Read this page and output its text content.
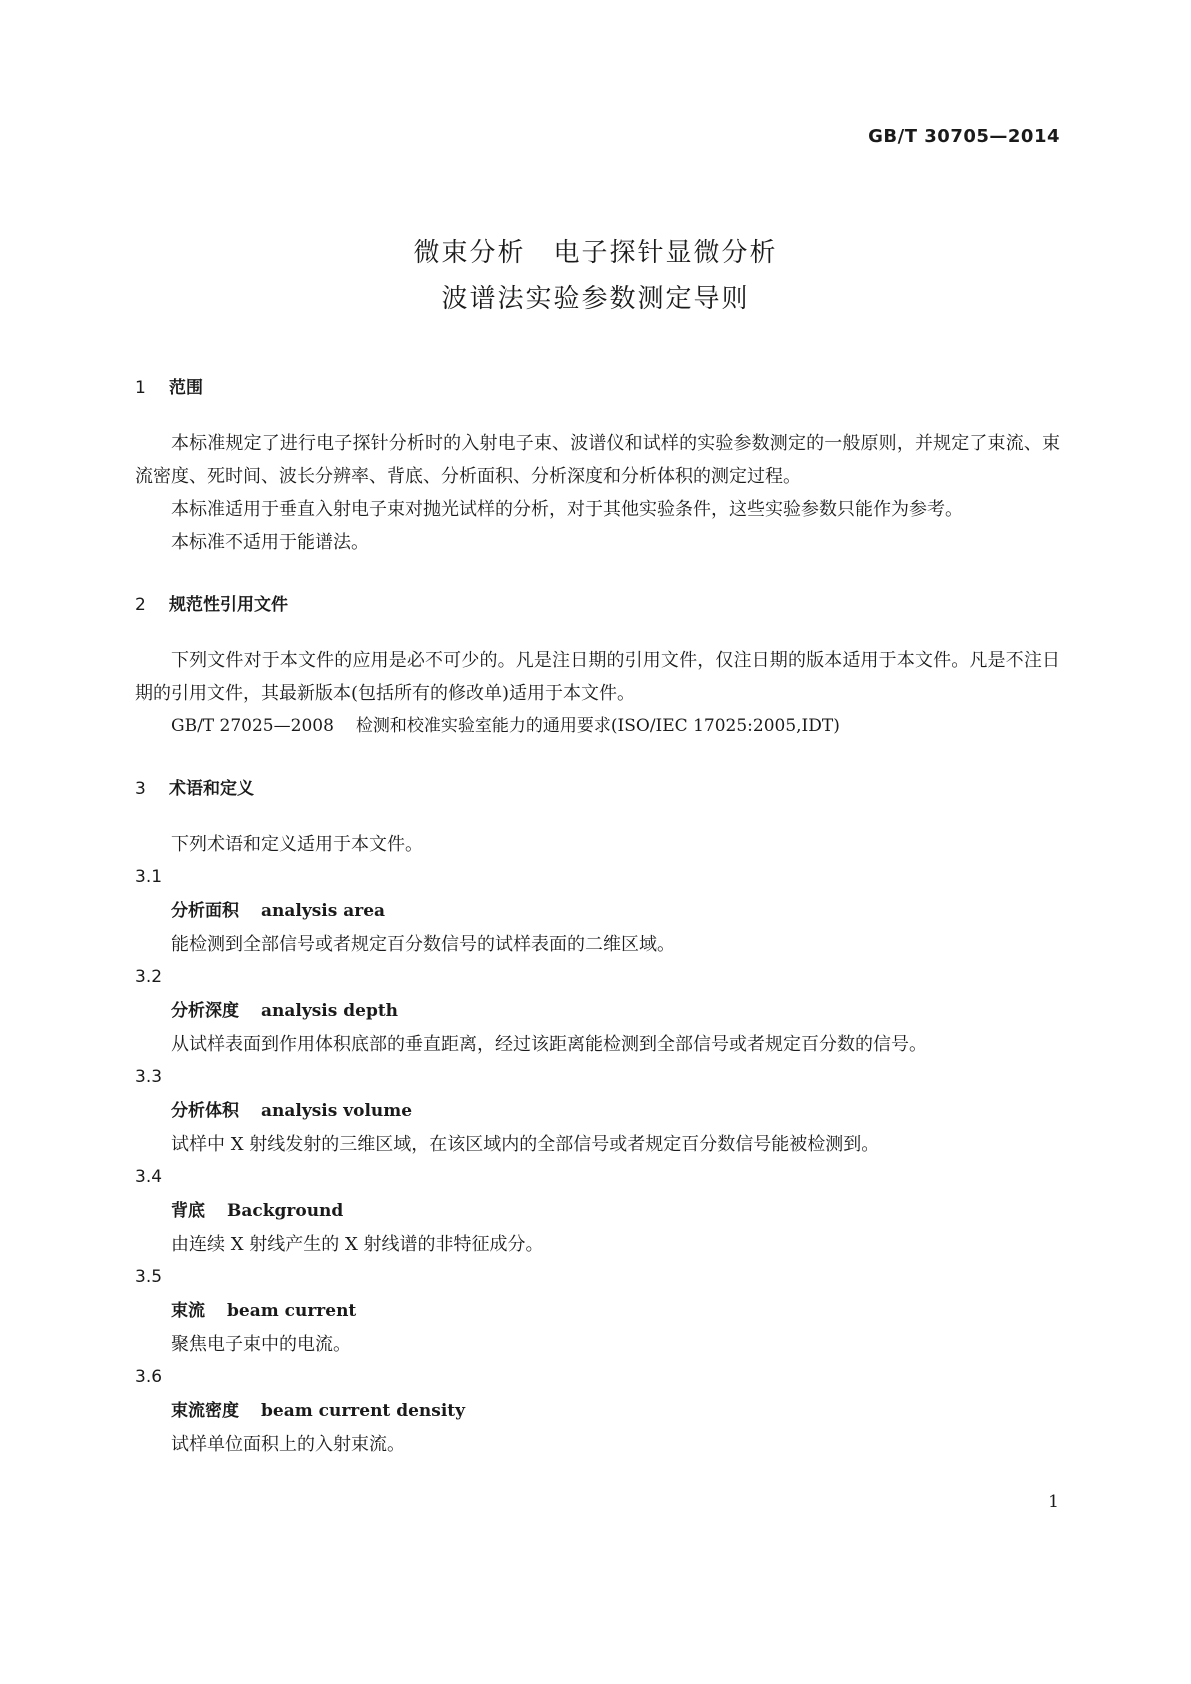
GB/T 30705—2014
微束分析　电子探针显微分析
波谱法实验参数测定导则

1 范围

本标准规定了进行电子探针分析时的入射电子束、波谱仪和试样的实验参数测定的一般原则，并规定了束流、束流密度、死时间、波长分辨率、背底、分析面积、分析深度和分析体积的测定过程。

本标准适用于垂直入射电子束对抛光试样的分析，对于其他实验条件，这些实验参数只能作为参考。

本标准不适用于能谱法。

2 规范性引用文件

下列文件对于本文件的应用是必不可少的。凡是注日期的引用文件，仅注日期的版本适用于本文件。凡是不注日期的引用文件，其最新版本(包括所有的修改单)适用于本文件。

GB/T 27025—2008 检测和校准实验室能力的通用要求(ISO/IEC 17025:2005,IDT)

3 术语和定义

下列术语和定义适用于本文件。

3.1

分析面积 analysis area

能检测到全部信号或者规定百分数信号的试样表面的二维区域。

3.2

分析深度 analysis depth

从试样表面到作用体积底部的垂直距离，经过该距离能检测到全部信号或者规定百分数的信号。

3.3

分析体积 analysis volume

试样中 X 射线发射的三维区域，在该区域内的全部信号或者规定百分数信号能被检测到。

3.4

背底 Background

由连续 X 射线产生的 X 射线谱的非特征成分。

3.5

束流 beam current

聚焦电子束中的电流。

3.6

束流密度 beam current density

试样单位面积上的入射束流。

1
